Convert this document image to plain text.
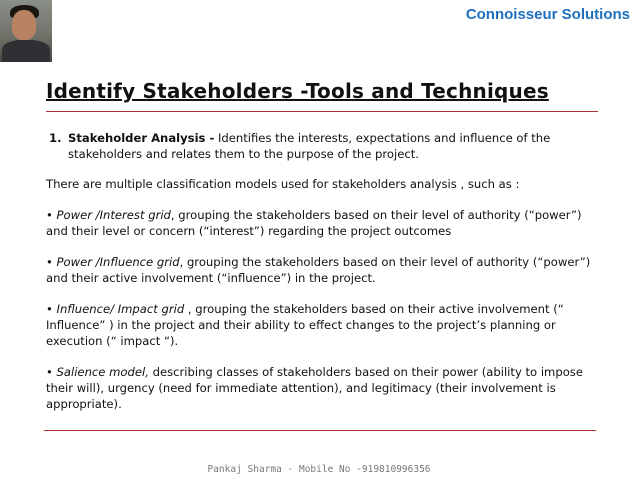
Connoisseur Solutions

Identify Stakeholders -Tools and Techniques
1. Stakeholder Analysis - Identifies the interests, expectations and influence of the
stakeholders and relates them to the purpose of the project.

There are multiple classification models used for stakeholders analysis , such as :

• Power /Interest grid, grouping the stakeholders based on their level of authority (“power”) and their level or concern (“interest”) regarding the project outcomes

• Power /Influence grid, grouping the stakeholders based on their level of authority (“power”) and their active involvement (“influence”) in the project.

• Influence/ Impact grid , grouping the stakeholders based on their active involvement (“ Influence” ) in the project and their ability to effect changes to the project’s planning or execution (“ impact “).

• Salience model, describing classes of stakeholders based on their power (ability to impose their will), urgency (need for immediate attention), and legitimacy (their involvement is appropriate).

Pankaj Sharma - Mobile No -919810996356
